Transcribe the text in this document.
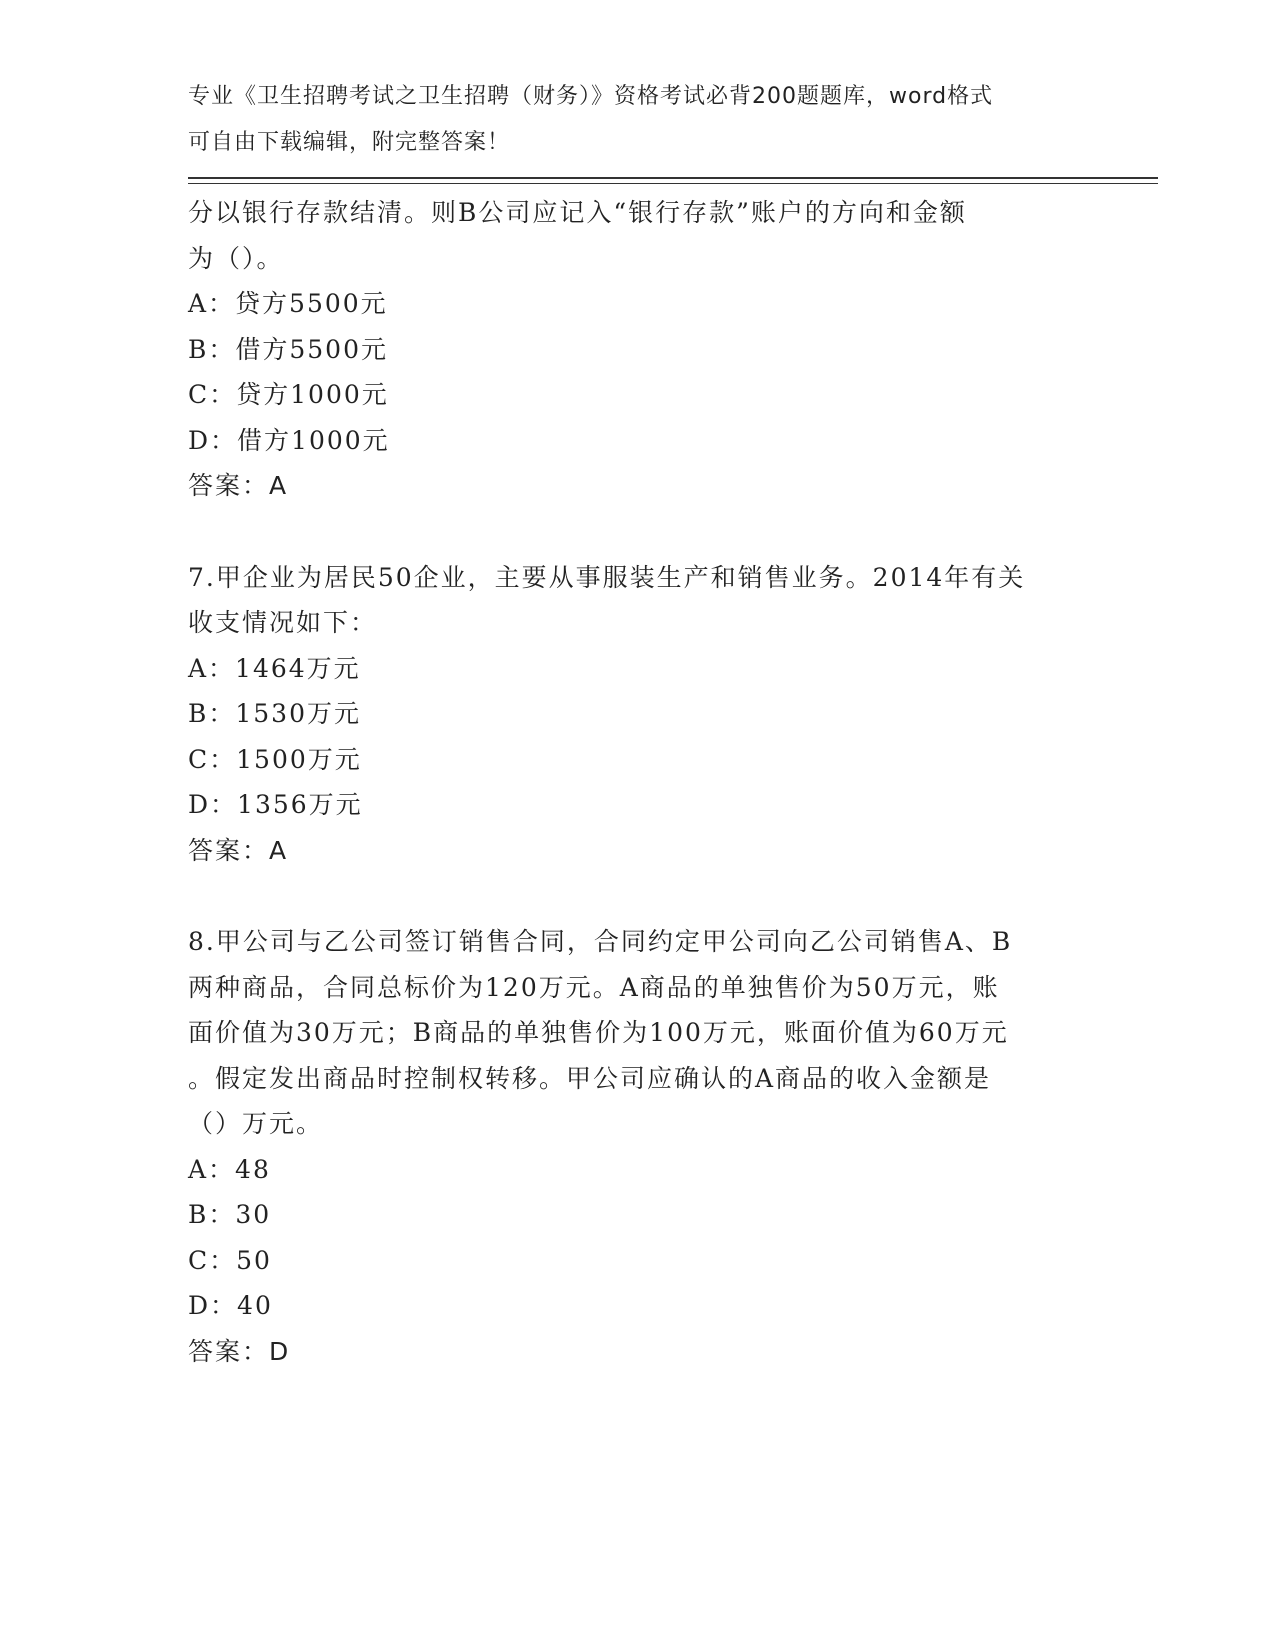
专业《卫生招聘考试之卫生招聘（财务）》资格考试必背200题题库，word格式
可自由下载编辑，附完整答案！
分以银行存款结清。则B公司应记入“银行存款”账户的方向和金额
为（）。
A：贷方5500元
B：借方5500元
C：贷方1000元
D：借方1000元
答案：A
7.甲企业为居民50企业，主要从事服装生产和销售业务。2014年有关
收支情况如下：
A：1464万元
B：1530万元
C：1500万元
D：1356万元
答案：A
8.甲公司与乙公司签订销售合同，合同约定甲公司向乙公司销售A、B
两种商品，合同总标价为120万元。A商品的单独售价为50万元，账
面价值为30万元；B商品的单独售价为100万元，账面价值为60万元
。假定发出商品时控制权转移。甲公司应确认的A商品的收入金额是
（）万元。
A：48
B：30
C：50
D：40
答案：D
